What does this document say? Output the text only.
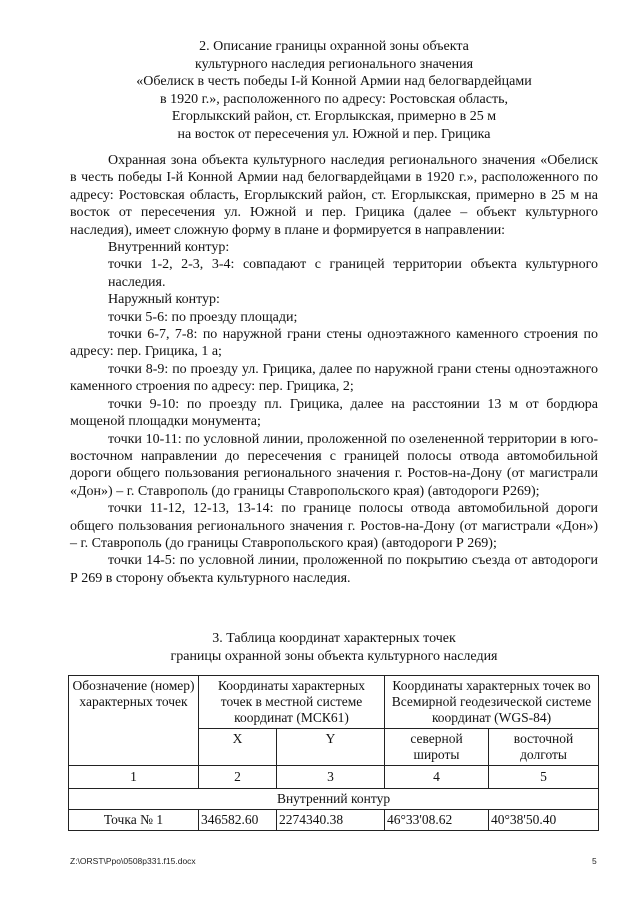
2. Описание границы охранной зоны объекта
культурного наследия регионального значения
«Обелиск в честь победы I-й Конной Армии над белогвардейцами
в 1920 г.», расположенного по адресу: Ростовская область,
Егорлыкский район, ст. Егорлыкская, примерно в 25 м
на восток от пересечения ул. Южной и пер. Грицика

Охранная зона объекта культурного наследия регионального значения «Обелиск в честь победы I-й Конной Армии над белогвардейцами в 1920 г.», расположенного по адресу: Ростовская область, Егорлыкский район, ст. Егорлыкская, примерно в 25 м на восток от пересечения ул. Южной и пер. Грицика (далее – объект культурного наследия), имеет сложную форму в плане и формируется в направлении:

Внутренний контур:

точки 1-2, 2-3, 3-4: совпадают с границей территории объекта культурного наследия.

Наружный контур:

точки 5-6: по проезду площади;

точки 6-7, 7-8: по наружной грани стены одноэтажного каменного строения по адресу: пер. Грицика, 1 а;

точки 8-9: по проезду ул. Грицика, далее по наружной грани стены одноэтажного каменного строения по адресу: пер. Грицика, 2;

точки 9-10: по проезду пл. Грицика, далее на расстоянии 13 м от бордюра мощеной площадки монумента;

точки 10-11: по условной линии, проложенной по озелененной территории в юго-восточном направлении до пересечения с границей полосы отвода автомобильной дороги общего пользования регионального значения г. Ростов-на-Дону (от магистрали «Дон») – г. Ставрополь (до границы Ставропольского края) (автодороги Р269);

точки 11-12, 12-13, 13-14: по границе полосы отвода автомобильной дороги общего пользования регионального значения г. Ростов-на-Дону (от магистрали «Дон») – г. Ставрополь (до границы Ставропольского края) (автодороги Р 269);

точки 14-5: по условной линии, проложенной по покрытию съезда от автодороги Р 269 в сторону объекта культурного наследия.

3. Таблица координат характерных точек
границы охранной зоны объекта культурного наследия
Обозначение (номер) характерных точек	Координаты характерных точек в местной системе координат (МСК61)		Координаты характерных точек во Всемирной геодезической системе координат (WGS-84)	
	X	Y	северной широты	восточной долготы
1	2	3	4	5
Внутренний контур				
Точка № 1	346582.60	2274340.38	46°33'08.62	40°38'50.40
Z:\ORST\Ppo\0508p331.f15.docx	5
